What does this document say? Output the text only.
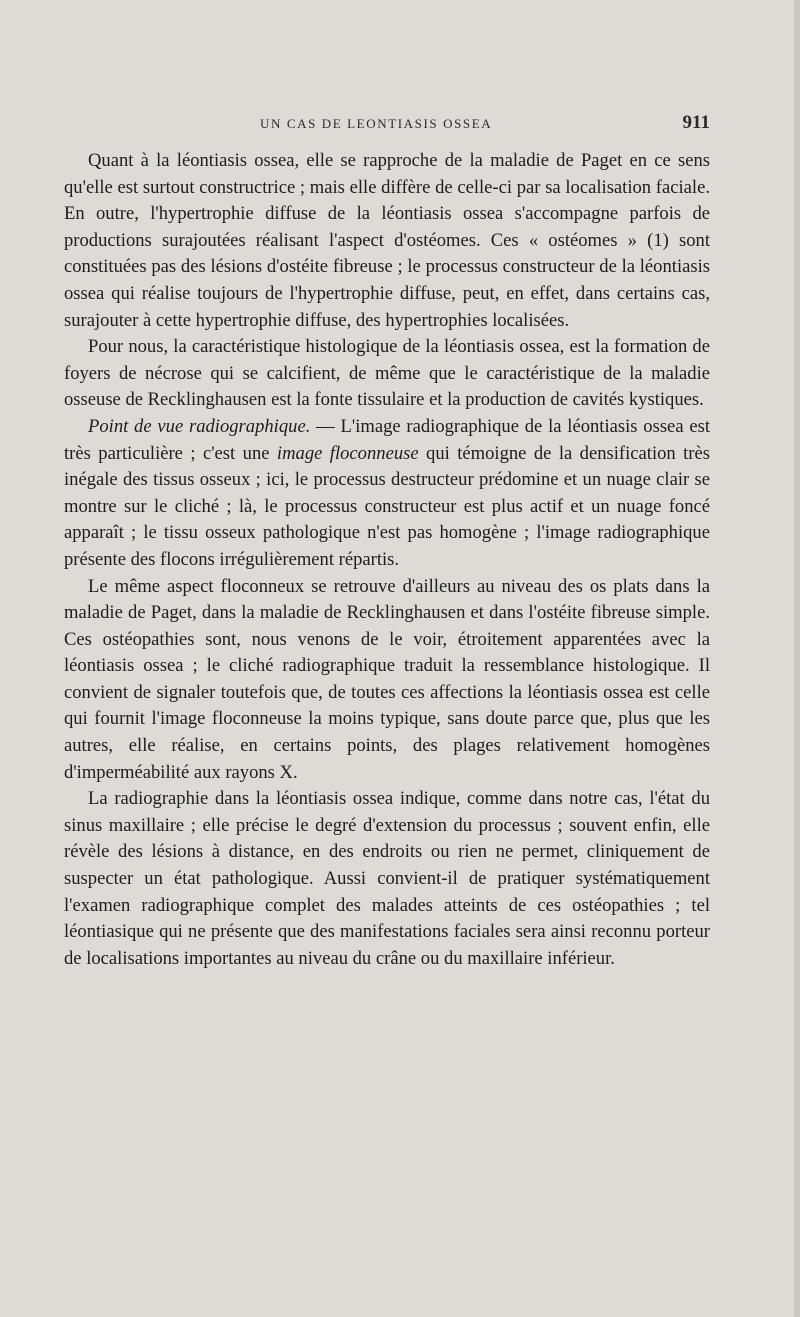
UN CAS DE LEONTIASIS OSSEA	911

Quant à la léontiasis ossea, elle se rapproche de la maladie de Paget en ce sens qu'elle est surtout constructrice ; mais elle diffère de celle-ci par sa localisation faciale. En outre, l'hypertrophie diffuse de la léontiasis ossea s'accompagne parfois de productions surajoutées réalisant l'aspect d'ostéomes. Ces « ostéomes » (1) sont constituées pas des lésions d'ostéite fibreuse ; le processus constructeur de la léontiasis ossea qui réalise toujours de l'hypertrophie diffuse, peut, en effet, dans certains cas, surajouter à cette hypertrophie diffuse, des hypertrophies localisées.

Pour nous, la caractéristique histologique de la léontiasis ossea, est la formation de foyers de nécrose qui se calcifient, de même que le caractéristique de la maladie osseuse de Recklinghausen est la fonte tissulaire et la production de cavités kystiques.

Point de vue radiographique. — L'image radiographique de la léontiasis ossea est très particulière ; c'est une image floconneuse qui témoigne de la densification très inégale des tissus osseux ; ici, le processus destructeur prédomine et un nuage clair se montre sur le cliché ; là, le processus constructeur est plus actif et un nuage foncé apparaît ; le tissu osseux pathologique n'est pas homogène ; l'image radiographique présente des flocons irrégulièrement répartis.

Le même aspect floconneux se retrouve d'ailleurs au niveau des os plats dans la maladie de Paget, dans la maladie de Recklinghausen et dans l'ostéite fibreuse simple. Ces ostéopathies sont, nous venons de le voir, étroitement apparentées avec la léontiasis ossea ; le cliché radiographique traduit la ressemblance histologique. Il convient de signaler toutefois que, de toutes ces affections la léontiasis ossea est celle qui fournit l'image floconneuse la moins typique, sans doute parce que, plus que les autres, elle réalise, en certains points, des plages relativement homogènes d'imperméabilité aux rayons X.

La radiographie dans la léontiasis ossea indique, comme dans notre cas, l'état du sinus maxillaire ; elle précise le degré d'extension du processus ; souvent enfin, elle révèle des lésions à distance, en des endroits ou rien ne permet, cliniquement de suspecter un état pathologique. Aussi convient-il de pratiquer systématiquement l'examen radiographique complet des malades atteints de ces ostéopathies ; tel léontiasique qui ne présente que des manifestations faciales sera ainsi reconnu porteur de localisations importantes au niveau du crâne ou du maxillaire inférieur.
